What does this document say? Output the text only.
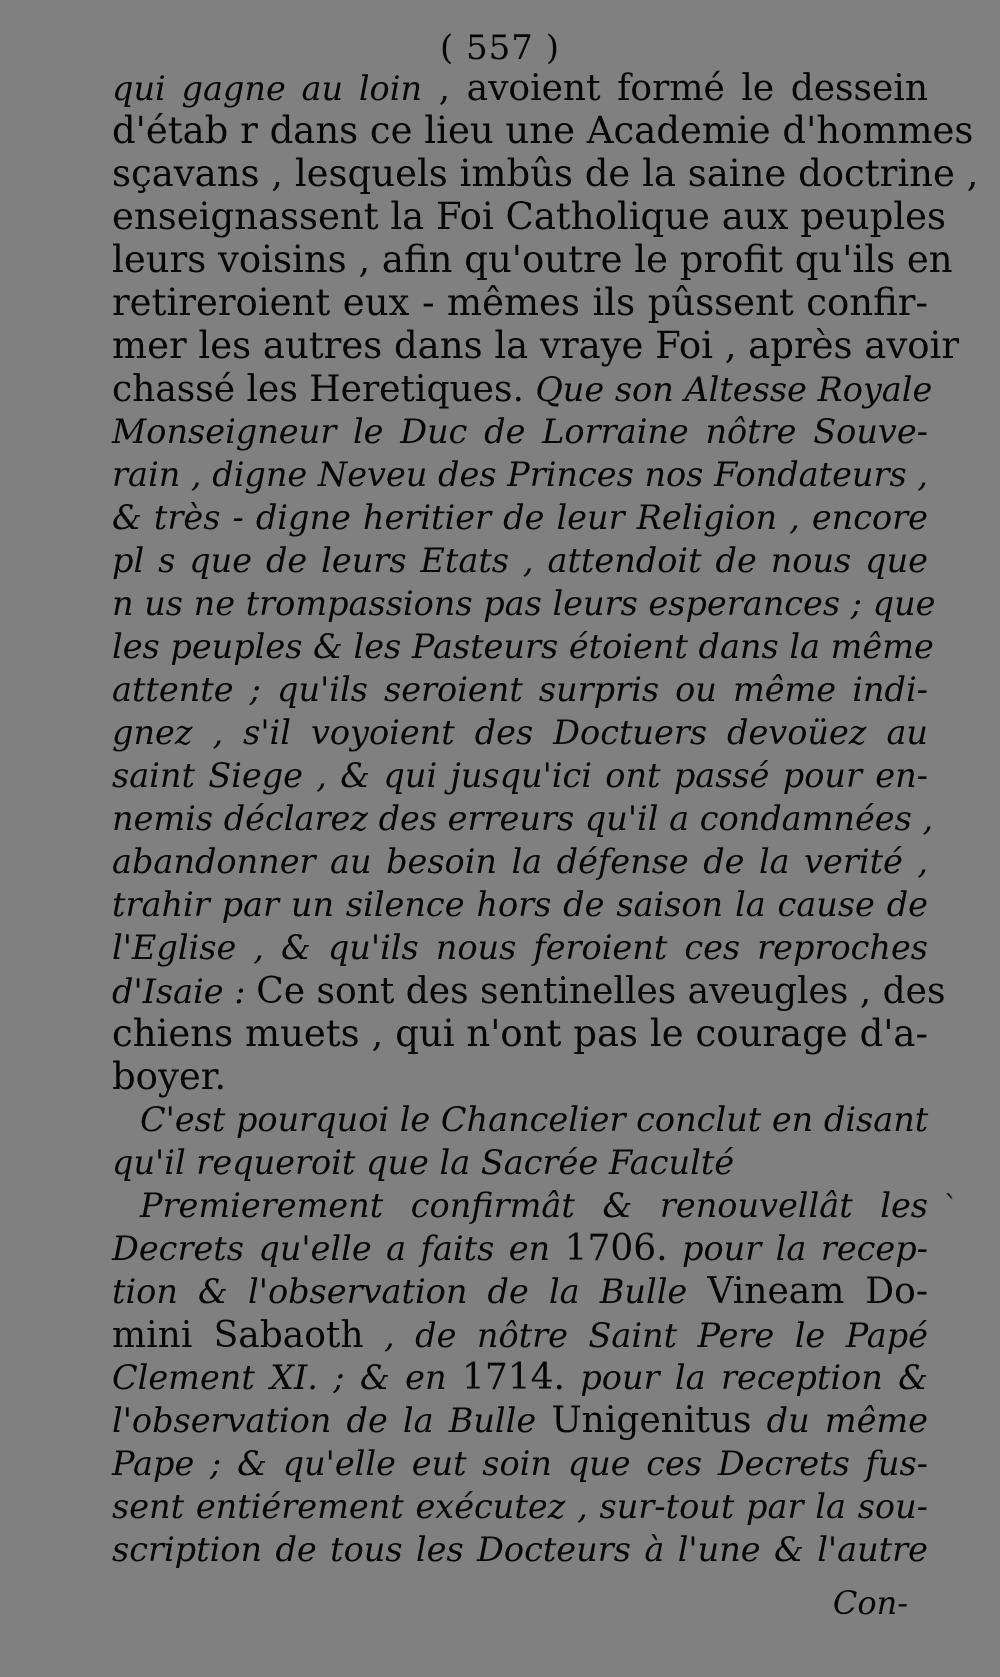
( 557 )
`
qui gagne au loin , avoient formé le dessein
d'étab r dans ce lieu une Academie d'hommes
sçavans , lesquels imbûs de la saine doctrine ,
enseignassent la Foi Catholique aux peuples
leurs voisins , afin qu'outre le profit qu'ils en
retireroient eux - mêmes ils pûssent confir-
mer les autres dans la vraye Foi , après avoir
chassé les Heretiques. Que son Altesse Royale
Monseigneur le Duc de Lorraine nôtre Souve-
rain , digne Neveu des Princes nos Fondateurs ,
& très - digne heritier de leur Religion , encore
pl s que de leurs Etats , attendoit de nous que
n us ne trompassions pas leurs esperances ; que
les peuples & les Pasteurs étoient dans la même
attente ; qu'ils seroient surpris ou même indi-
gnez , s'il voyoient des Doctuers devoüez au
saint Siege , & qui jusqu'ici ont passé pour en-
nemis déclarez des erreurs qu'il a condamnées ,
abandonner au besoin la défense de la verité ,
trahir par un silence hors de saison la cause de
l'Eglise , & qu'ils nous feroient ces reproches
d'Isaie : Ce sont des sentinelles aveugles , des
chiens muets , qui n'ont pas le courage d'a-
boyer.
C'est pourquoi le Chancelier conclut en disant
qu'il requeroit que la Sacrée Faculté
Premierement confirmât & renouvellât les
Decrets qu'elle a faits en 1706. pour la recep-
tion & l'observation de la Bulle Vineam Do-
mini Sabaoth , de nôtre Saint Pere le Papé
Clement XI. ; & en 1714. pour la reception &
l'observation de la Bulle Unigenitus du même
Pape ; & qu'elle eut soin que ces Decrets fus-
sent entiérement exécutez , sur-tout par la sou-
scription de tous les Docteurs à l'une & l'autre
Con-
